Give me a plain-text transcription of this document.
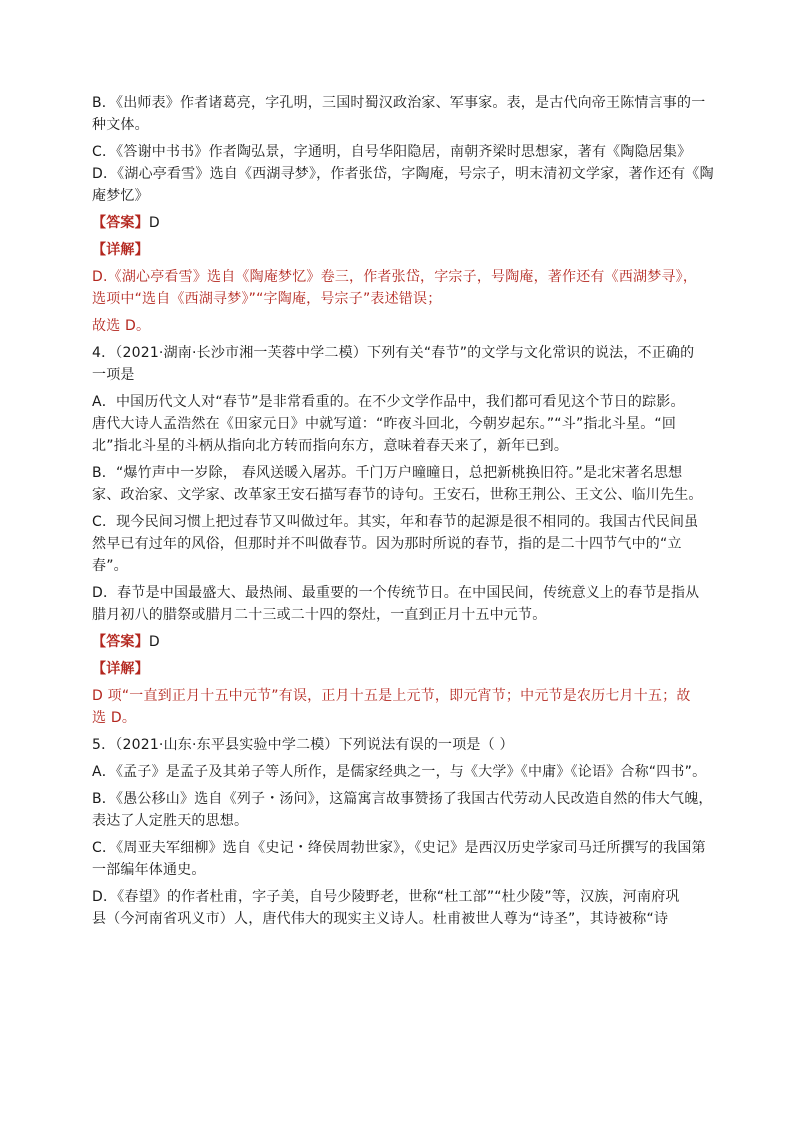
B．《出师表》作者诸葛亮，字孔明，三国时蜀汉政治家、军事家。表，是古代向帝王陈情言事的一
种文体。
C．《答谢中书书》作者陶弘景，字通明，自号华阳隐居，南朝齐梁时思想家，著有《陶隐居集》
D．《湖心亭看雪》选自《西湖寻梦》，作者张岱，字陶庵，号宗子，明末清初文学家，著作还有《陶
庵梦忆》
【答案】D
【详解】
D.《湖心亭看雪》选自《陶庵梦忆》卷三，作者张岱，字宗子，号陶庵，著作还有《西湖梦寻》，
选项中“选自《西湖寻梦》”“字陶庵，号宗子”表述错误；
故选 D。
4．（2021·湖南·长沙市湘一芙蓉中学二模）下列有关“春节”的文学与文化常识的说法，不正确的
一项是
A．中国历代文人对“春节”是非常看重的。在不少文学作品中，我们都可看见这个节日的踪影。
唐代大诗人孟浩然在《田家元日》中就写道：“昨夜斗回北，今朝岁起东。”“斗”指北斗星。“回
北”指北斗星的斗柄从指向北方转而指向东方，意味着春天来了，新年已到。
B．“爆竹声中一岁除， 春风送暖入屠苏。千门万户曈曈日，总把新桃换旧符。”是北宋著名思想
家、政治家、文学家、改革家王安石描写春节的诗句。王安石，世称王荆公、王文公、临川先生。
C．现今民间习惯上把过春节又叫做过年。其实，年和春节的起源是很不相同的。我国古代民间虽
然早已有过年的风俗，但那时并不叫做春节。因为那时所说的春节，指的是二十四节气中的“立
春”。
D．春节是中国最盛大、最热闹、最重要的一个传统节日。在中国民间，传统意义上的春节是指从
腊月初八的腊祭或腊月二十三或二十四的祭灶，一直到正月十五中元节。
【答案】D
【详解】
D 项“一直到正月十五中元节”有误，正月十五是上元节，即元宵节；中元节是农历七月十五；故
选 D。
5．（2021·山东·东平县实验中学二模）下列说法有误的一项是（ ）
A．《孟子》是孟子及其弟子等人所作，是儒家经典之一，与《大学》《中庸》《论语》合称“四书”。
B．《愚公移山》选自《列子・汤问》，这篇寓言故事赞扬了我国古代劳动人民改造自然的伟大气魄，
表达了人定胜天的思想。
C．《周亚夫军细柳》选自《史记・绛侯周勃世家》，《史记》是西汉历史学家司马迁所撰写的我国第
一部编年体通史。
D．《春望》的作者杜甫，字子美，自号少陵野老，世称“杜工部”“杜少陵”等，汉族，河南府巩
县（今河南省巩义市）人，唐代伟大的现实主义诗人。杜甫被世人尊为“诗圣”，其诗被称“诗
